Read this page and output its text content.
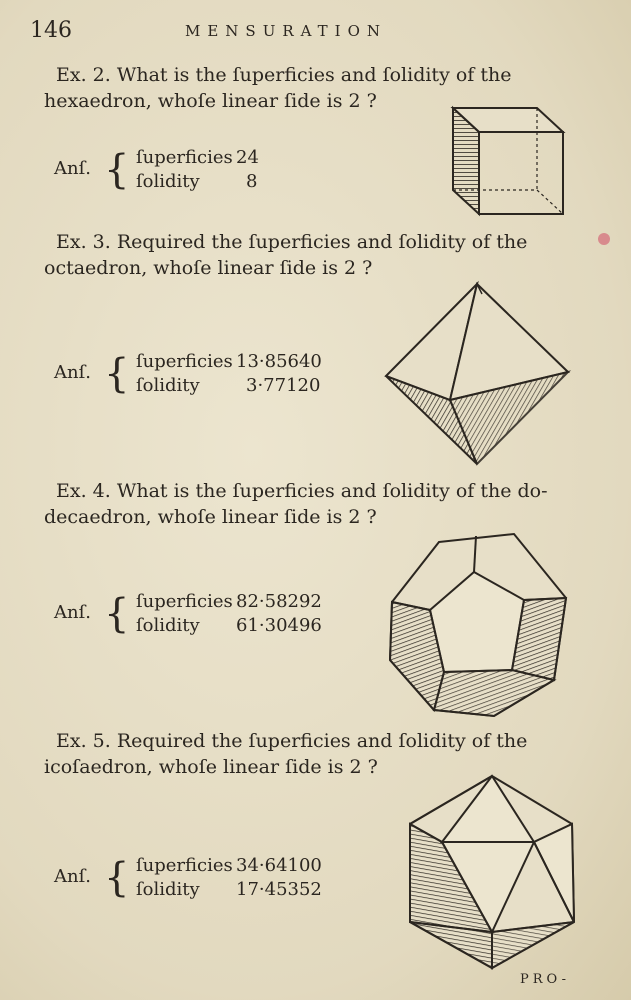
146	MENSURATION
Ex. 2. What is the ſuperficies and ſolidity of the
hexaedron, whoſe linear ſide is 2 ?
Anſ. { ſuperficies 24
ſolidity	8
Ex. 3. Required the ſuperficies and ſolidity of the
octaedron, whoſe linear ſide is 2 ?
Anſ. { ſuperficies 13·85640
ſolidity	3·77120
Ex. 4. What is the ſuperficies and ſolidity of the do-
decaedron, whoſe linear ſide is 2 ?
Anſ. { ſuperficies 82·58292
ſolidity 61·30496
Ex. 5. Required the ſuperficies and ſolidity of the
icoſaedron, whoſe linear ſide is 2 ?
Anſ. { ſuperficies 34·64100
ſolidity 17·45352
PRO-
